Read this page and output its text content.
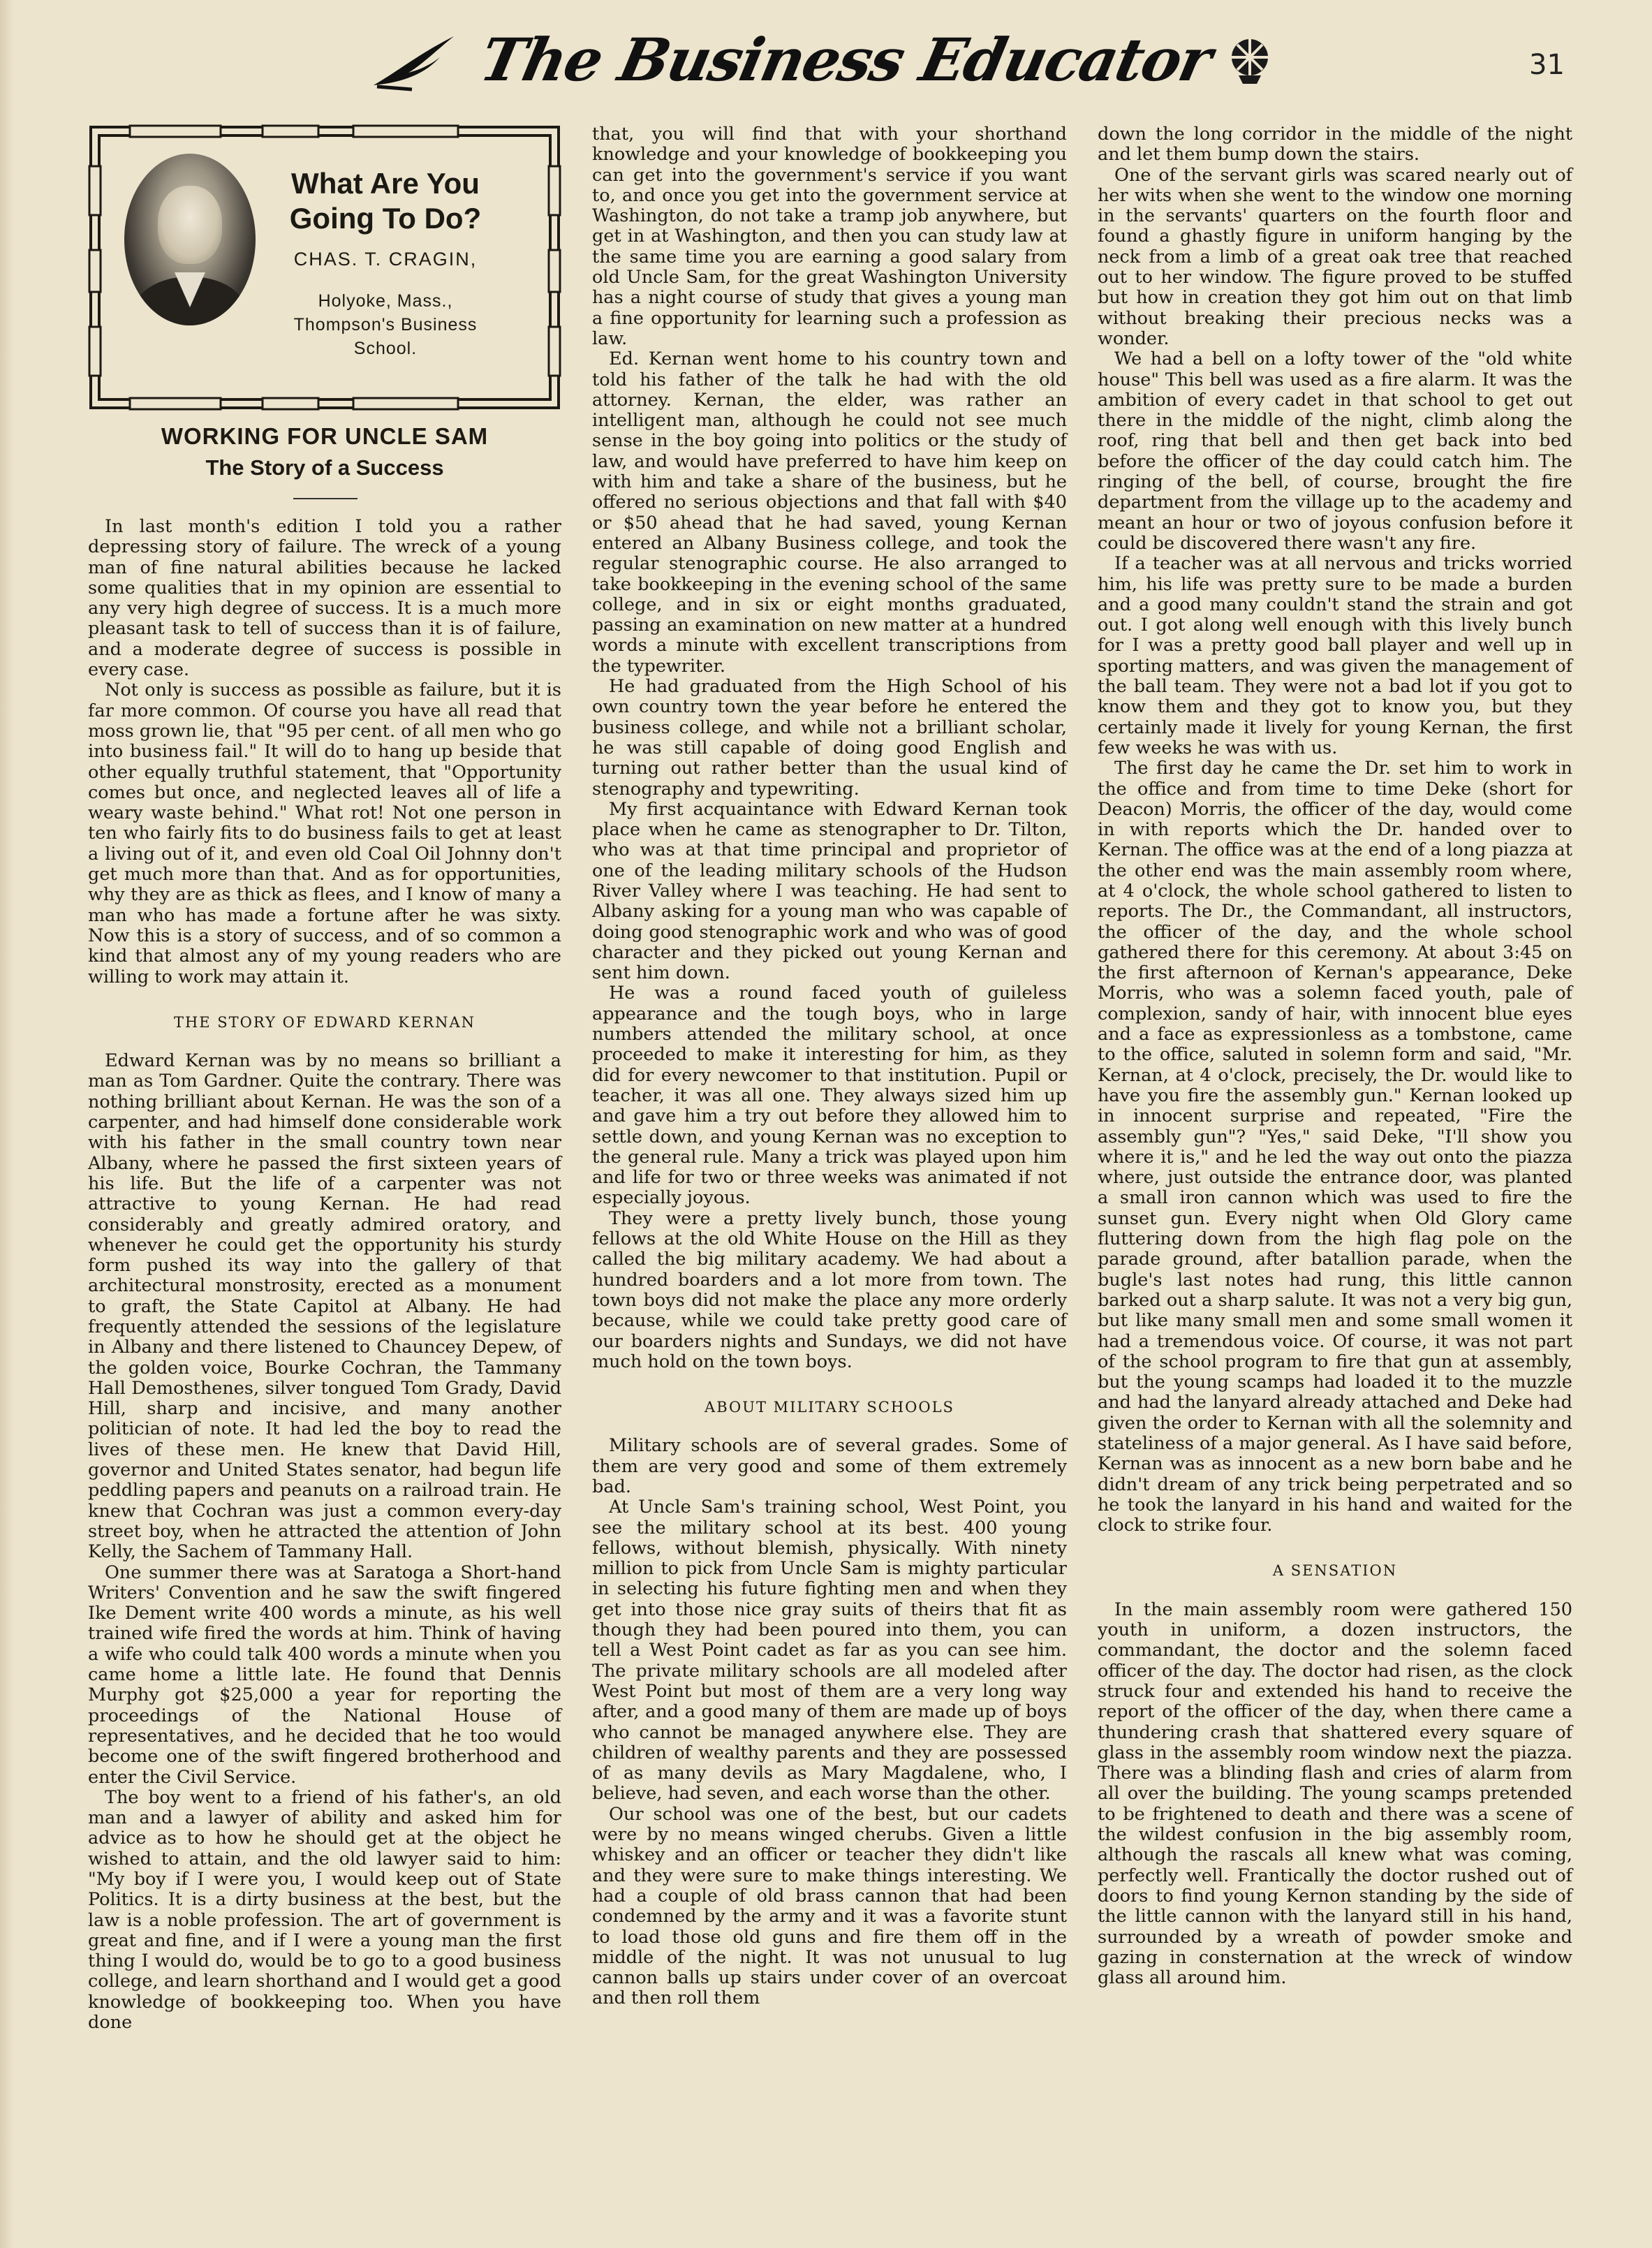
The Business Educator	31
What Are You Going To Do?
CHAS. T. CRAGIN,
Holyoke, Mass.,
Thompson's Business
School.
WORKING FOR UNCLE SAM
The Story of a Success

In last month's edition I told you a rather depressing story of failure. The wreck of a young man of fine natural abilities because he lacked some qualities that in my opinion are essential to any very high degree of success. It is a much more pleasant task to tell of success than it is of failure, and a moderate degree of success is possible in every case.

Not only is success as possible as failure, but it is far more common. Of course you have all read that moss grown lie, that "95 per cent. of all men who go into business fail." It will do to hang up beside that other equally truthful statement, that "Opportunity comes but once, and neglected leaves all of life a weary waste behind." What rot! Not one person in ten who fairly fits to do business fails to get at least a living out of it, and even old Coal Oil Johnny don't get much more than that. And as for opportunities, why they are as thick as flees, and I know of many a man who has made a fortune after he was sixty. Now this is a story of success, and of so common a kind that almost any of my young readers who are willing to work may attain it.

THE STORY OF EDWARD KERNAN

Edward Kernan was by no means so brilliant a man as Tom Gardner. Quite the contrary. There was nothing brilliant about Kernan. He was the son of a carpenter, and had himself done considerable work with his father in the small country town near Albany, where he passed the first sixteen years of his life. But the life of a carpenter was not attractive to young Kernan. He had read considerably and greatly admired oratory, and whenever he could get the opportunity his sturdy form pushed its way into the gallery of that architectural monstrosity, erected as a monument to graft, the State Capitol at Albany. He had frequently attended the sessions of the legislature in Albany and there listened to Chauncey Depew, of the golden voice, Bourke Cochran, the Tammany Hall Demosthenes, silver tongued Tom Grady, David Hill, sharp and incisive, and many another politician of note. It had led the boy to read the lives of these men. He knew that David Hill, governor and United States senator, had begun life peddling papers and peanuts on a railroad train. He knew that Cochran was just a common every-day street boy, when he attracted the attention of John Kelly, the Sachem of Tammany Hall.

One summer there was at Saratoga a Short-hand Writers' Convention and he saw the swift fingered Ike Dement write 400 words a minute, as his well trained wife fired the words at him. Think of having a wife who could talk 400 words a minute when you came home a little late. He found that Dennis Murphy got $25,000 a year for reporting the proceedings of the National House of representatives, and he decided that he too would become one of the swift fingered brotherhood and enter the Civil Service.

The boy went to a friend of his father's, an old man and a lawyer of ability and asked him for advice as to how he should get at the object he wished to attain, and the old lawyer said to him: "My boy if I were you, I would keep out of State Politics. It is a dirty business at the best, but the law is a noble profession. The art of government is great and fine, and if I were a young man the first thing I would do, would be to go to a good business college, and learn shorthand and I would get a good knowledge of bookkeeping too. When you have done

that, you will find that with your shorthand knowledge and your knowledge of bookkeeping you can get into the government's service if you want to, and once you get into the government service at Washington, do not take a tramp job anywhere, but get in at Washington, and then you can study law at the same time you are earning a good salary from old Uncle Sam, for the great Washington University has a night course of study that gives a young man a fine opportunity for learning such a profession as law.

Ed. Kernan went home to his country town and told his father of the talk he had with the old attorney. Kernan, the elder, was rather an intelligent man, although he could not see much sense in the boy going into politics or the study of law, and would have preferred to have him keep on with him and take a share of the business, but he offered no serious objections and that fall with $40 or $50 ahead that he had saved, young Kernan entered an Albany Business college, and took the regular stenographic course. He also arranged to take bookkeeping in the evening school of the same college, and in six or eight months graduated, passing an examination on new matter at a hundred words a minute with excellent transcriptions from the typewriter.

He had graduated from the High School of his own country town the year before he entered the business college, and while not a brilliant scholar, he was still capable of doing good English and turning out rather better than the usual kind of stenography and typewriting.

My first acquaintance with Edward Kernan took place when he came as stenographer to Dr. Tilton, who was at that time principal and proprietor of one of the leading military schools of the Hudson River Valley where I was teaching. He had sent to Albany asking for a young man who was capable of doing good stenographic work and who was of good character and they picked out young Kernan and sent him down.

He was a round faced youth of guileless appearance and the tough boys, who in large numbers attended the military school, at once proceeded to make it interesting for him, as they did for every newcomer to that institution. Pupil or teacher, it was all one. They always sized him up and gave him a try out before they allowed him to settle down, and young Kernan was no exception to the general rule. Many a trick was played upon him and life for two or three weeks was animated if not especially joyous.

They were a pretty lively bunch, those young fellows at the old White House on the Hill as they called the big military academy. We had about a hundred boarders and a lot more from town. The town boys did not make the place any more orderly because, while we could take pretty good care of our boarders nights and Sundays, we did not have much hold on the town boys.

ABOUT MILITARY SCHOOLS

Military schools are of several grades. Some of them are very good and some of them extremely bad.

At Uncle Sam's training school, West Point, you see the military school at its best. 400 young fellows, without blemish, physically. With ninety million to pick from Uncle Sam is mighty particular in selecting his future fighting men and when they get into those nice gray suits of theirs that fit as though they had been poured into them, you can tell a West Point cadet as far as you can see him. The private military schools are all modeled after West Point but most of them are a very long way after, and a good many of them are made up of boys who cannot be managed anywhere else. They are children of wealthy parents and they are possessed of as many devils as Mary Magdalene, who, I believe, had seven, and each worse than the other.

Our school was one of the best, but our cadets were by no means winged cherubs. Given a little whiskey and an officer or teacher they didn't like and they were sure to make things interesting. We had a couple of old brass cannon that had been condemned by the army and it was a favorite stunt to load those old guns and fire them off in the middle of the night. It was not unusual to lug cannon balls up stairs under cover of an overcoat and then roll them

down the long corridor in the middle of the night and let them bump down the stairs.

One of the servant girls was scared nearly out of her wits when she went to the window one morning in the servants' quarters on the fourth floor and found a ghastly figure in uniform hanging by the neck from a limb of a great oak tree that reached out to her window. The figure proved to be stuffed but how in creation they got him out on that limb without breaking their precious necks was a wonder.

We had a bell on a lofty tower of the "old white house" This bell was used as a fire alarm. It was the ambition of every cadet in that school to get out there in the middle of the night, climb along the roof, ring that bell and then get back into bed before the officer of the day could catch him. The ringing of the bell, of course, brought the fire department from the village up to the academy and meant an hour or two of joyous confusion before it could be discovered there wasn't any fire.

If a teacher was at all nervous and tricks worried him, his life was pretty sure to be made a burden and a good many couldn't stand the strain and got out. I got along well enough with this lively bunch for I was a pretty good ball player and well up in sporting matters, and was given the management of the ball team. They were not a bad lot if you got to know them and they got to know you, but they certainly made it lively for young Kernan, the first few weeks he was with us.

The first day he came the Dr. set him to work in the office and from time to time Deke (short for Deacon) Morris, the officer of the day, would come in with reports which the Dr. handed over to Kernan. The office was at the end of a long piazza at the other end was the main assembly room where, at 4 o'clock, the whole school gathered to listen to reports. The Dr., the Commandant, all instructors, the officer of the day, and the whole school gathered there for this ceremony. At about 3:45 on the first afternoon of Kernan's appearance, Deke Morris, who was a solemn faced youth, pale of complexion, sandy of hair, with innocent blue eyes and a face as expressionless as a tombstone, came to the office, saluted in solemn form and said, "Mr. Kernan, at 4 o'clock, precisely, the Dr. would like to have you fire the assembly gun." Kernan looked up in innocent surprise and repeated, "Fire the assembly gun"? "Yes," said Deke, "I'll show you where it is," and he led the way out onto the piazza where, just outside the entrance door, was planted a small iron cannon which was used to fire the sunset gun. Every night when Old Glory came fluttering down from the high flag pole on the parade ground, after batallion parade, when the bugle's last notes had rung, this little cannon barked out a sharp salute. It was not a very big gun, but like many small men and some small women it had a tremendous voice. Of course, it was not part of the school program to fire that gun at assembly, but the young scamps had loaded it to the muzzle and had the lanyard already attached and Deke had given the order to Kernan with all the solemnity and stateliness of a major general. As I have said before, Kernan was as innocent as a new born babe and he didn't dream of any trick being perpetrated and so he took the lanyard in his hand and waited for the clock to strike four.

A SENSATION

In the main assembly room were gathered 150 youth in uniform, a dozen instructors, the commandant, the doctor and the solemn faced officer of the day. The doctor had risen, as the clock struck four and extended his hand to receive the report of the officer of the day, when there came a thundering crash that shattered every square of glass in the assembly room window next the piazza. There was a blinding flash and cries of alarm from all over the building. The young scamps pretended to be frightened to death and there was a scene of the wildest confusion in the big assembly room, although the rascals all knew what was coming, perfectly well. Frantically the doctor rushed out of doors to find young Kernon standing by the side of the little cannon with the lanyard still in his hand, surrounded by a wreath of powder smoke and gazing in consternation at the wreck of window glass all around him.
